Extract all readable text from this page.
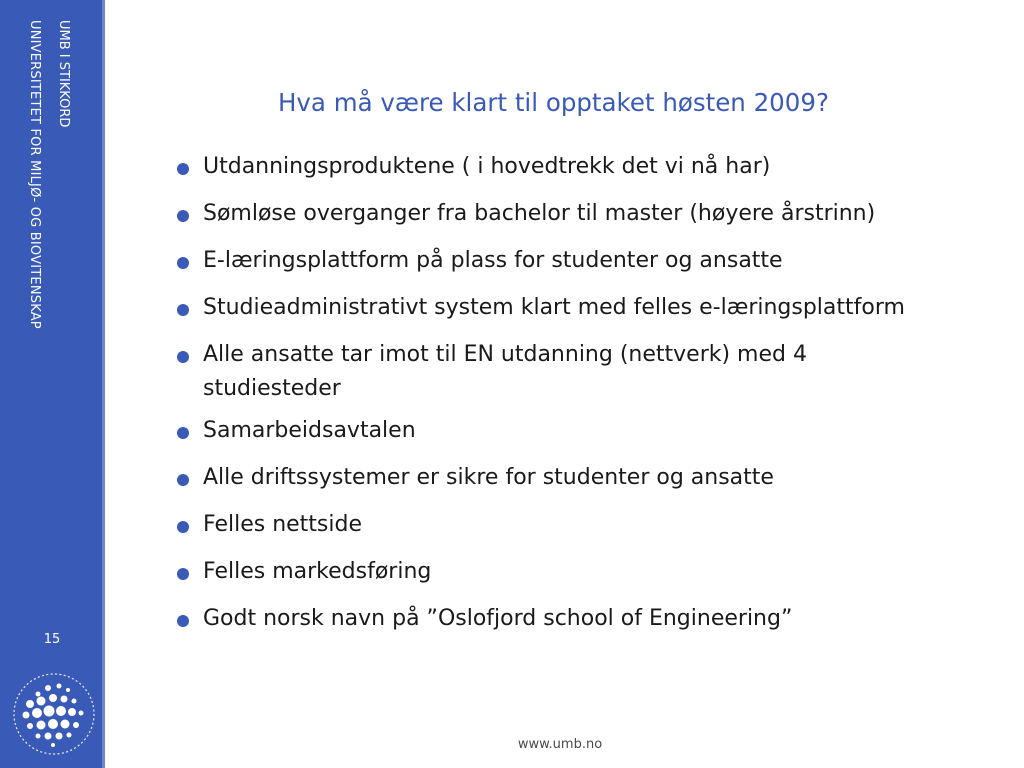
UMB I STIKKORD
UNIVERSITETET FOR MILJØ- OG BIOVITENSKAP
15
Hva må være klart til opptaket høsten 2009?
Utdanningsproduktene ( i hovedtrekk det vi nå har)
Sømløse overganger fra bachelor til master (høyere årstrinn)
E-læringsplattform på plass for studenter og ansatte
Studieadministrativt system klart med felles e-læringsplattform
Alle ansatte tar imot til EN utdanning (nettverk) med 4 studiesteder
Samarbeidsavtalen
Alle driftssystemer er sikre for studenter og ansatte
Felles nettside
Felles markedsføring
Godt norsk navn på ”Oslofjord school of Engineering”
www.umb.no
